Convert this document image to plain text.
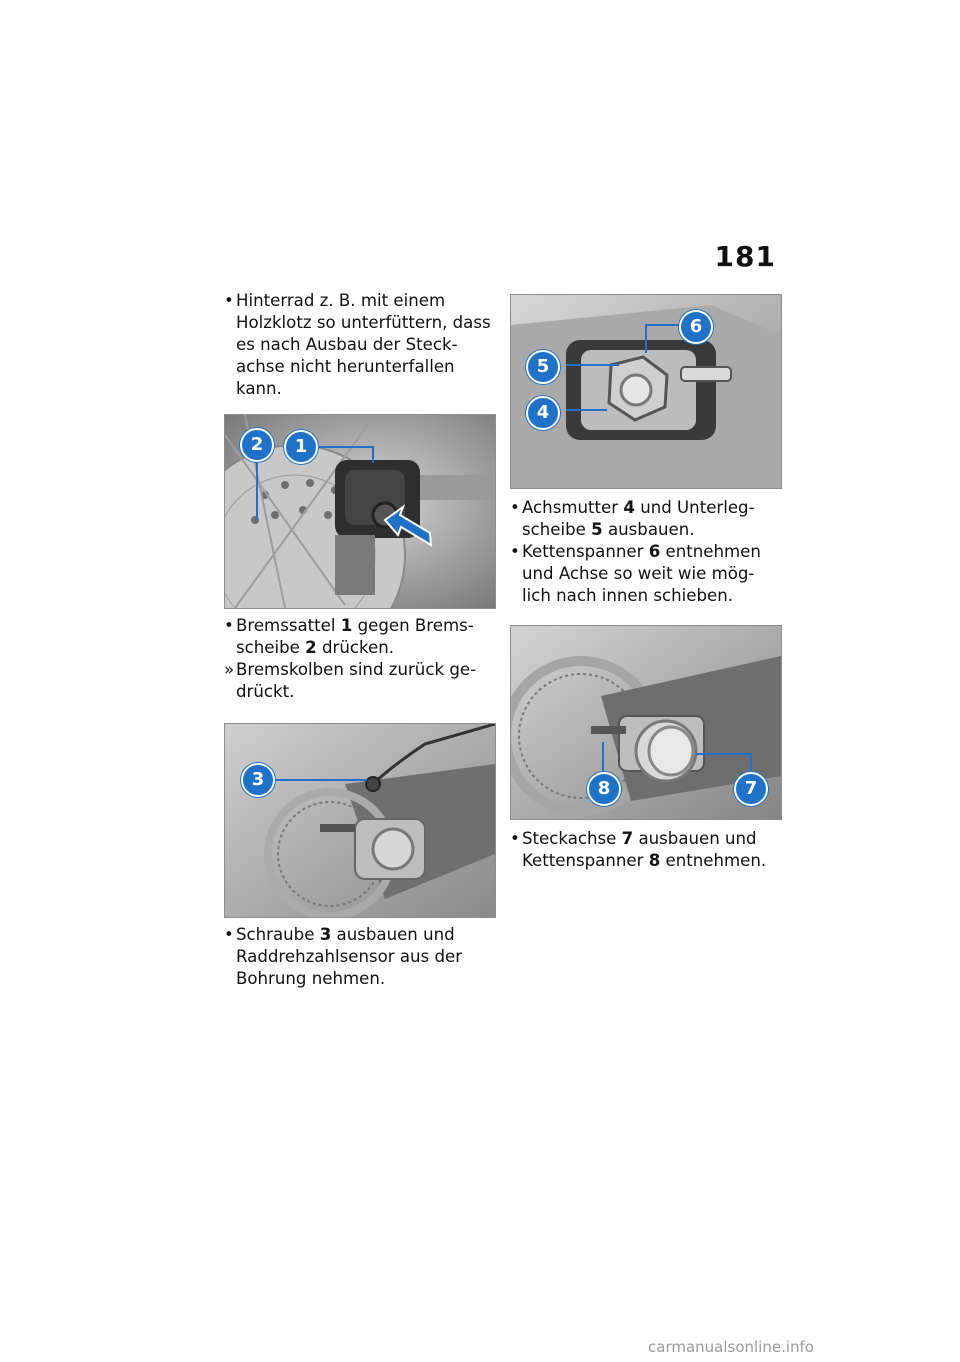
181

• Hinterrad z. B. mit einem Holzklotz so unterfüttern, dass es nach Ausbau der Steck- achse nicht herunterfallen kann.

2	1

• Bremssattel 1 gegen Brems- scheibe 2 drücken.

» Bremskolben sind zurück ge- drückt.

3

• Schraube 3 ausbauen und Raddrehzahlsensor aus der Bohrung nehmen.

6
5
4

• Achsmutter 4 und Unterleg- scheibe 5 ausbauen.

• Kettenspanner 6 entnehmen und Achse so weit wie mög- lich nach innen schieben.

8	7

• Steckachse 7 ausbauen und Kettenspanner 8 entnehmen.

carmanualsonline.info
